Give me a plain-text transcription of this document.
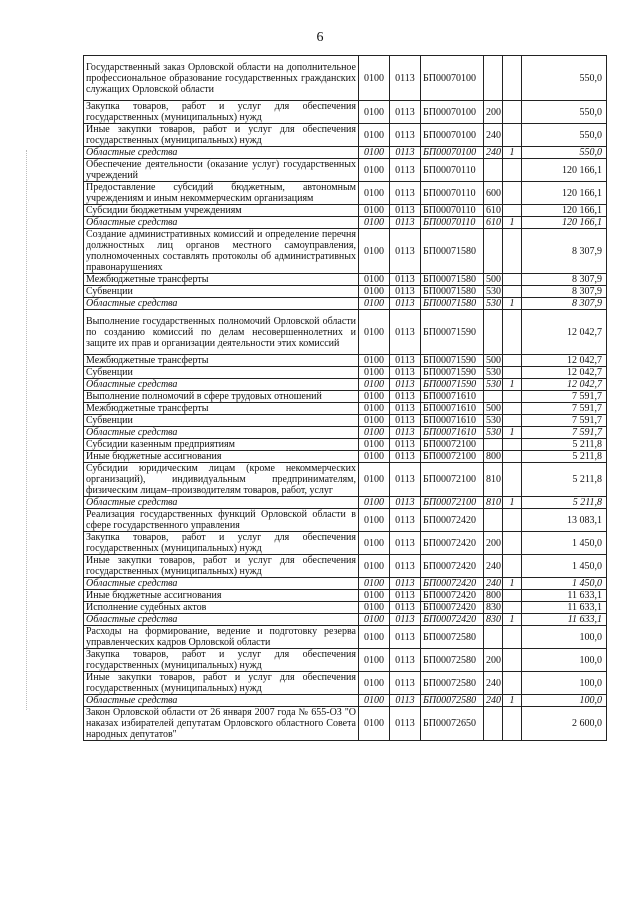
6
Государственный заказ Орловской области на дополнительное профессиональное образование государственных гражданских служащих Орловской области	0100	0113	БП00070100			550,0
Закупка товаров, работ и услуг для обеспечения государственных (муниципальных) нужд	0100	0113	БП00070100	200		550,0
Иные закупки товаров, работ и услуг для обеспечения государственных (муниципальных) нужд	0100	0113	БП00070100	240		550,0
Областные средства	0100	0113	БП00070100	240	1	550,0
Обеспечение деятельности (оказание услуг) государственных учреждений	0100	0113	БП00070110			120 166,1
Предоставление субсидий бюджетным, автономным учреждениям и иным некоммерческим организациям	0100	0113	БП00070110	600		120 166,1
Субсидии бюджетным учреждениям	0100	0113	БП00070110	610		120 166,1
Областные средства	0100	0113	БП00070110	610	1	120 166,1
Создание административных комиссий и определение перечня должностных лиц органов местного самоуправления, уполномоченных составлять протоколы об административных правонарушениях	0100	0113	БП00071580			8 307,9
Межбюджетные трансферты	0100	0113	БП00071580	500		8 307,9
Субвенции	0100	0113	БП00071580	530		8 307,9
Областные средства	0100	0113	БП00071580	530	1	8 307,9
Выполнение государственных полномочий Орловской области по созданию комиссий по делам несовершеннолетних и защите их прав и организации деятельности этих комиссий	0100	0113	БП00071590			12 042,7
Межбюджетные трансферты	0100	0113	БП00071590	500		12 042,7
Субвенции	0100	0113	БП00071590	530		12 042,7
Областные средства	0100	0113	БП00071590	530	1	12 042,7
Выполнение полномочий в сфере трудовых отношений	0100	0113	БП00071610			7 591,7
Межбюджетные трансферты	0100	0113	БП00071610	500		7 591,7
Субвенции	0100	0113	БП00071610	530		7 591,7
Областные средства	0100	0113	БП00071610	530	1	7 591,7
Субсидии казенным предприятиям	0100	0113	БП00072100			5 211,8
Иные бюджетные ассигнования	0100	0113	БП00072100	800		5 211,8
Субсидии юридическим лицам (кроме некоммерческих организаций), индивидуальным предпринимателям, физическим лицам–производителям товаров, работ, услуг	0100	0113	БП00072100	810		5 211,8
Областные средства	0100	0113	БП00072100	810	1	5 211,8
Реализация государственных функций Орловской области в сфере государственного управления	0100	0113	БП00072420			13 083,1
Закупка товаров, работ и услуг для обеспечения государственных (муниципальных) нужд	0100	0113	БП00072420	200		1 450,0
Иные закупки товаров, работ и услуг для обеспечения государственных (муниципальных) нужд	0100	0113	БП00072420	240		1 450,0
Областные средства	0100	0113	БП00072420	240	1	1 450,0
Иные бюджетные ассигнования	0100	0113	БП00072420	800		11 633,1
Исполнение судебных актов	0100	0113	БП00072420	830		11 633,1
Областные средства	0100	0113	БП00072420	830	1	11 633,1
Расходы на формирование, ведение и подготовку резерва управленческих кадров Орловской области	0100	0113	БП00072580			100,0
Закупка товаров, работ и услуг для обеспечения государственных (муниципальных) нужд	0100	0113	БП00072580	200		100,0
Иные закупки товаров, работ и услуг для обеспечения государственных (муниципальных) нужд	0100	0113	БП00072580	240		100,0
Областные средства	0100	0113	БП00072580	240	1	100,0
Закон Орловской области от 26 января 2007 года № 655-ОЗ "О наказах избирателей депутатам Орловского областного Совета народных депутатов"	0100	0113	БП00072650			2 600,0
